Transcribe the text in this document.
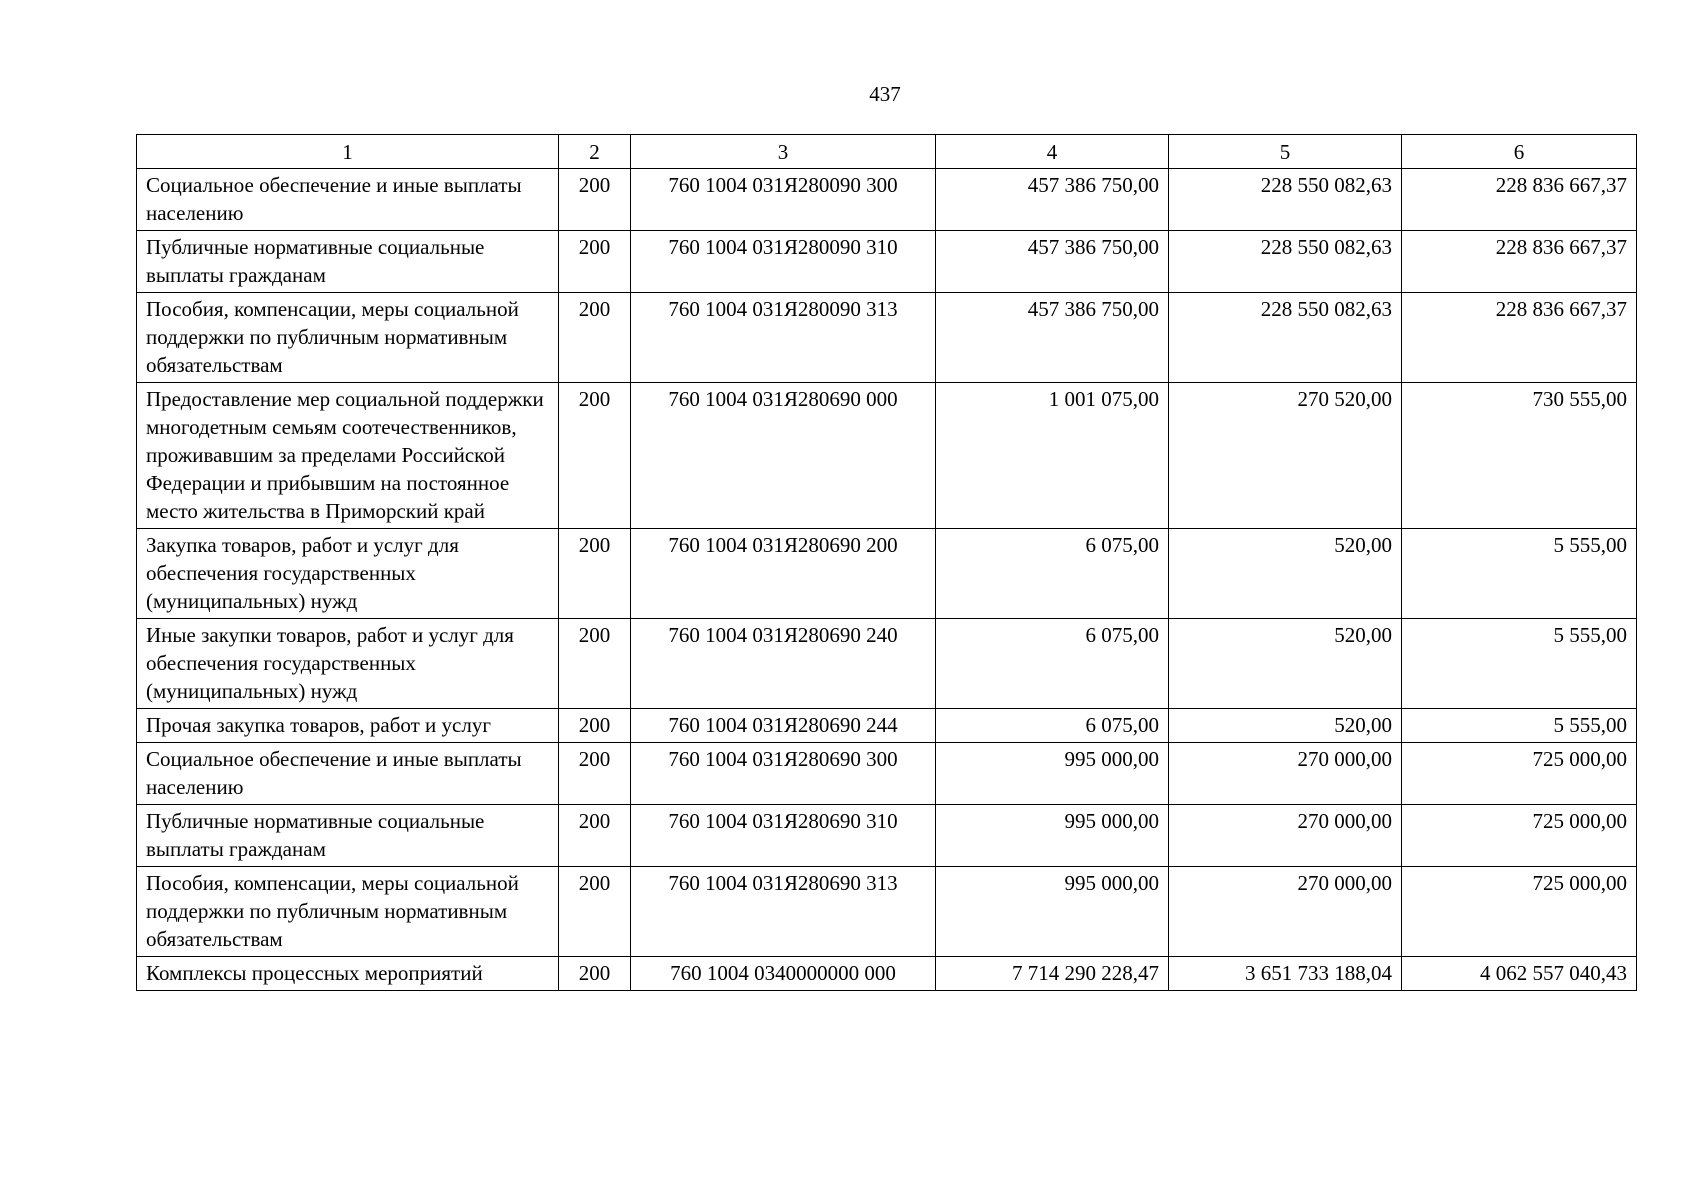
437
1	2	3	4	5	6
Социальное обеспечение и иные выплаты населению	200	760 1004 031Я280090 300	457 386 750,00	228 550 082,63	228 836 667,37
Публичные нормативные социальные выплаты гражданам	200	760 1004 031Я280090 310	457 386 750,00	228 550 082,63	228 836 667,37
Пособия, компенсации, меры социальной поддержки по публичным нормативным обязательствам	200	760 1004 031Я280090 313	457 386 750,00	228 550 082,63	228 836 667,37
Предоставление мер социальной поддержки многодетным семьям соотечественников, проживавшим за пределами Российской Федерации и прибывшим на постоянное место жительства в Приморский край	200	760 1004 031Я280690 000	1 001 075,00	270 520,00	730 555,00
Закупка товаров, работ и услуг для обеспечения государственных (муниципальных) нужд	200	760 1004 031Я280690 200	6 075,00	520,00	5 555,00
Иные закупки товаров, работ и услуг для обеспечения государственных (муниципальных) нужд	200	760 1004 031Я280690 240	6 075,00	520,00	5 555,00
Прочая закупка товаров, работ и услуг	200	760 1004 031Я280690 244	6 075,00	520,00	5 555,00
Социальное обеспечение и иные выплаты населению	200	760 1004 031Я280690 300	995 000,00	270 000,00	725 000,00
Публичные нормативные социальные выплаты гражданам	200	760 1004 031Я280690 310	995 000,00	270 000,00	725 000,00
Пособия, компенсации, меры социальной поддержки по публичным нормативным обязательствам	200	760 1004 031Я280690 313	995 000,00	270 000,00	725 000,00
Комплексы процессных мероприятий	200	760 1004 0340000000 000	7 714 290 228,47	3 651 733 188,04	4 062 557 040,43
